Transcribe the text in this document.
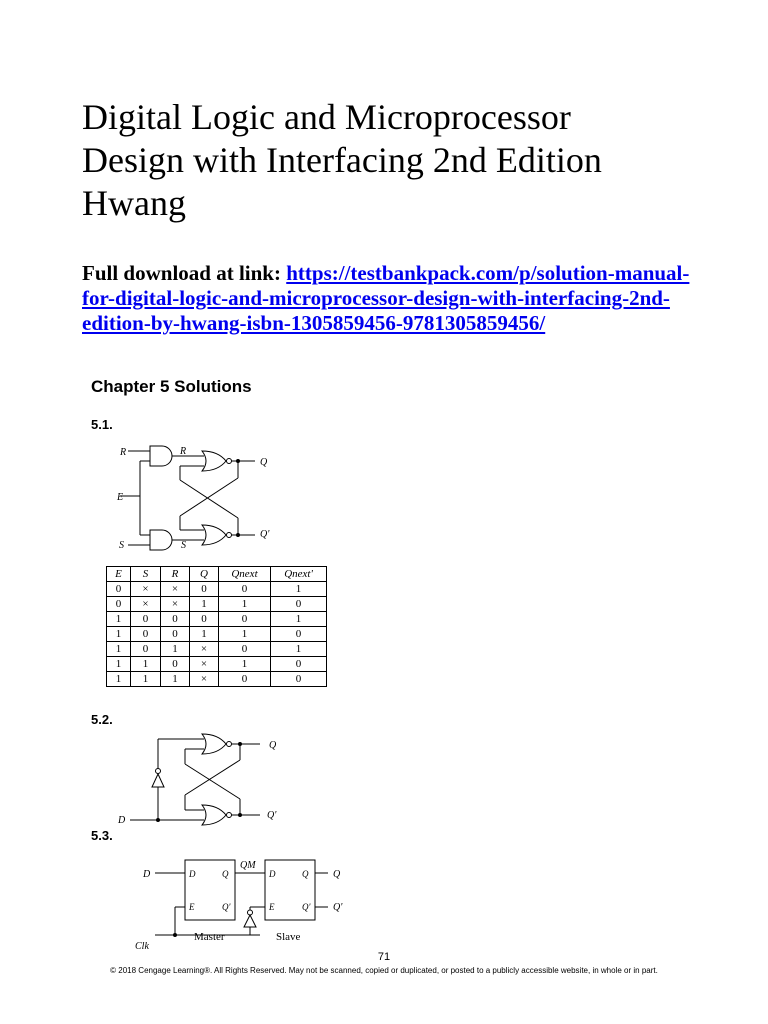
Digital Logic and Microprocessor
Design with Interfacing 2nd Edition
Hwang
Full download at link: https://testbankpack.com/p/solution-manual-
for-digital-logic-and-microprocessor-design-with-interfacing-2nd-
edition-by-hwang-isbn-1305859456-9781305859456/
Chapter 5 Solutions
5.1.
R	R
E
S	S
Q
Q'
E	S	R	Q	Qnext	Qnext'
0	×	×	0	0	1
0	×	×	1	1	0
1	0	0	0	0	1
1	0	0	1	1	0
1	0	1	×	0	1
1	1	0	×	1	0
1	1	1	×	0	0
5.2.
D
Q
Q'
5.3.
D
Clk
QM
D	Q
E	Q'
D	Q
E	Q'
Q
Q'
Master	Slave
71
© 2018 Cengage Learning®. All Rights Reserved. May not be scanned, copied or duplicated, or posted to a publicly accessible website, in whole or in part.
